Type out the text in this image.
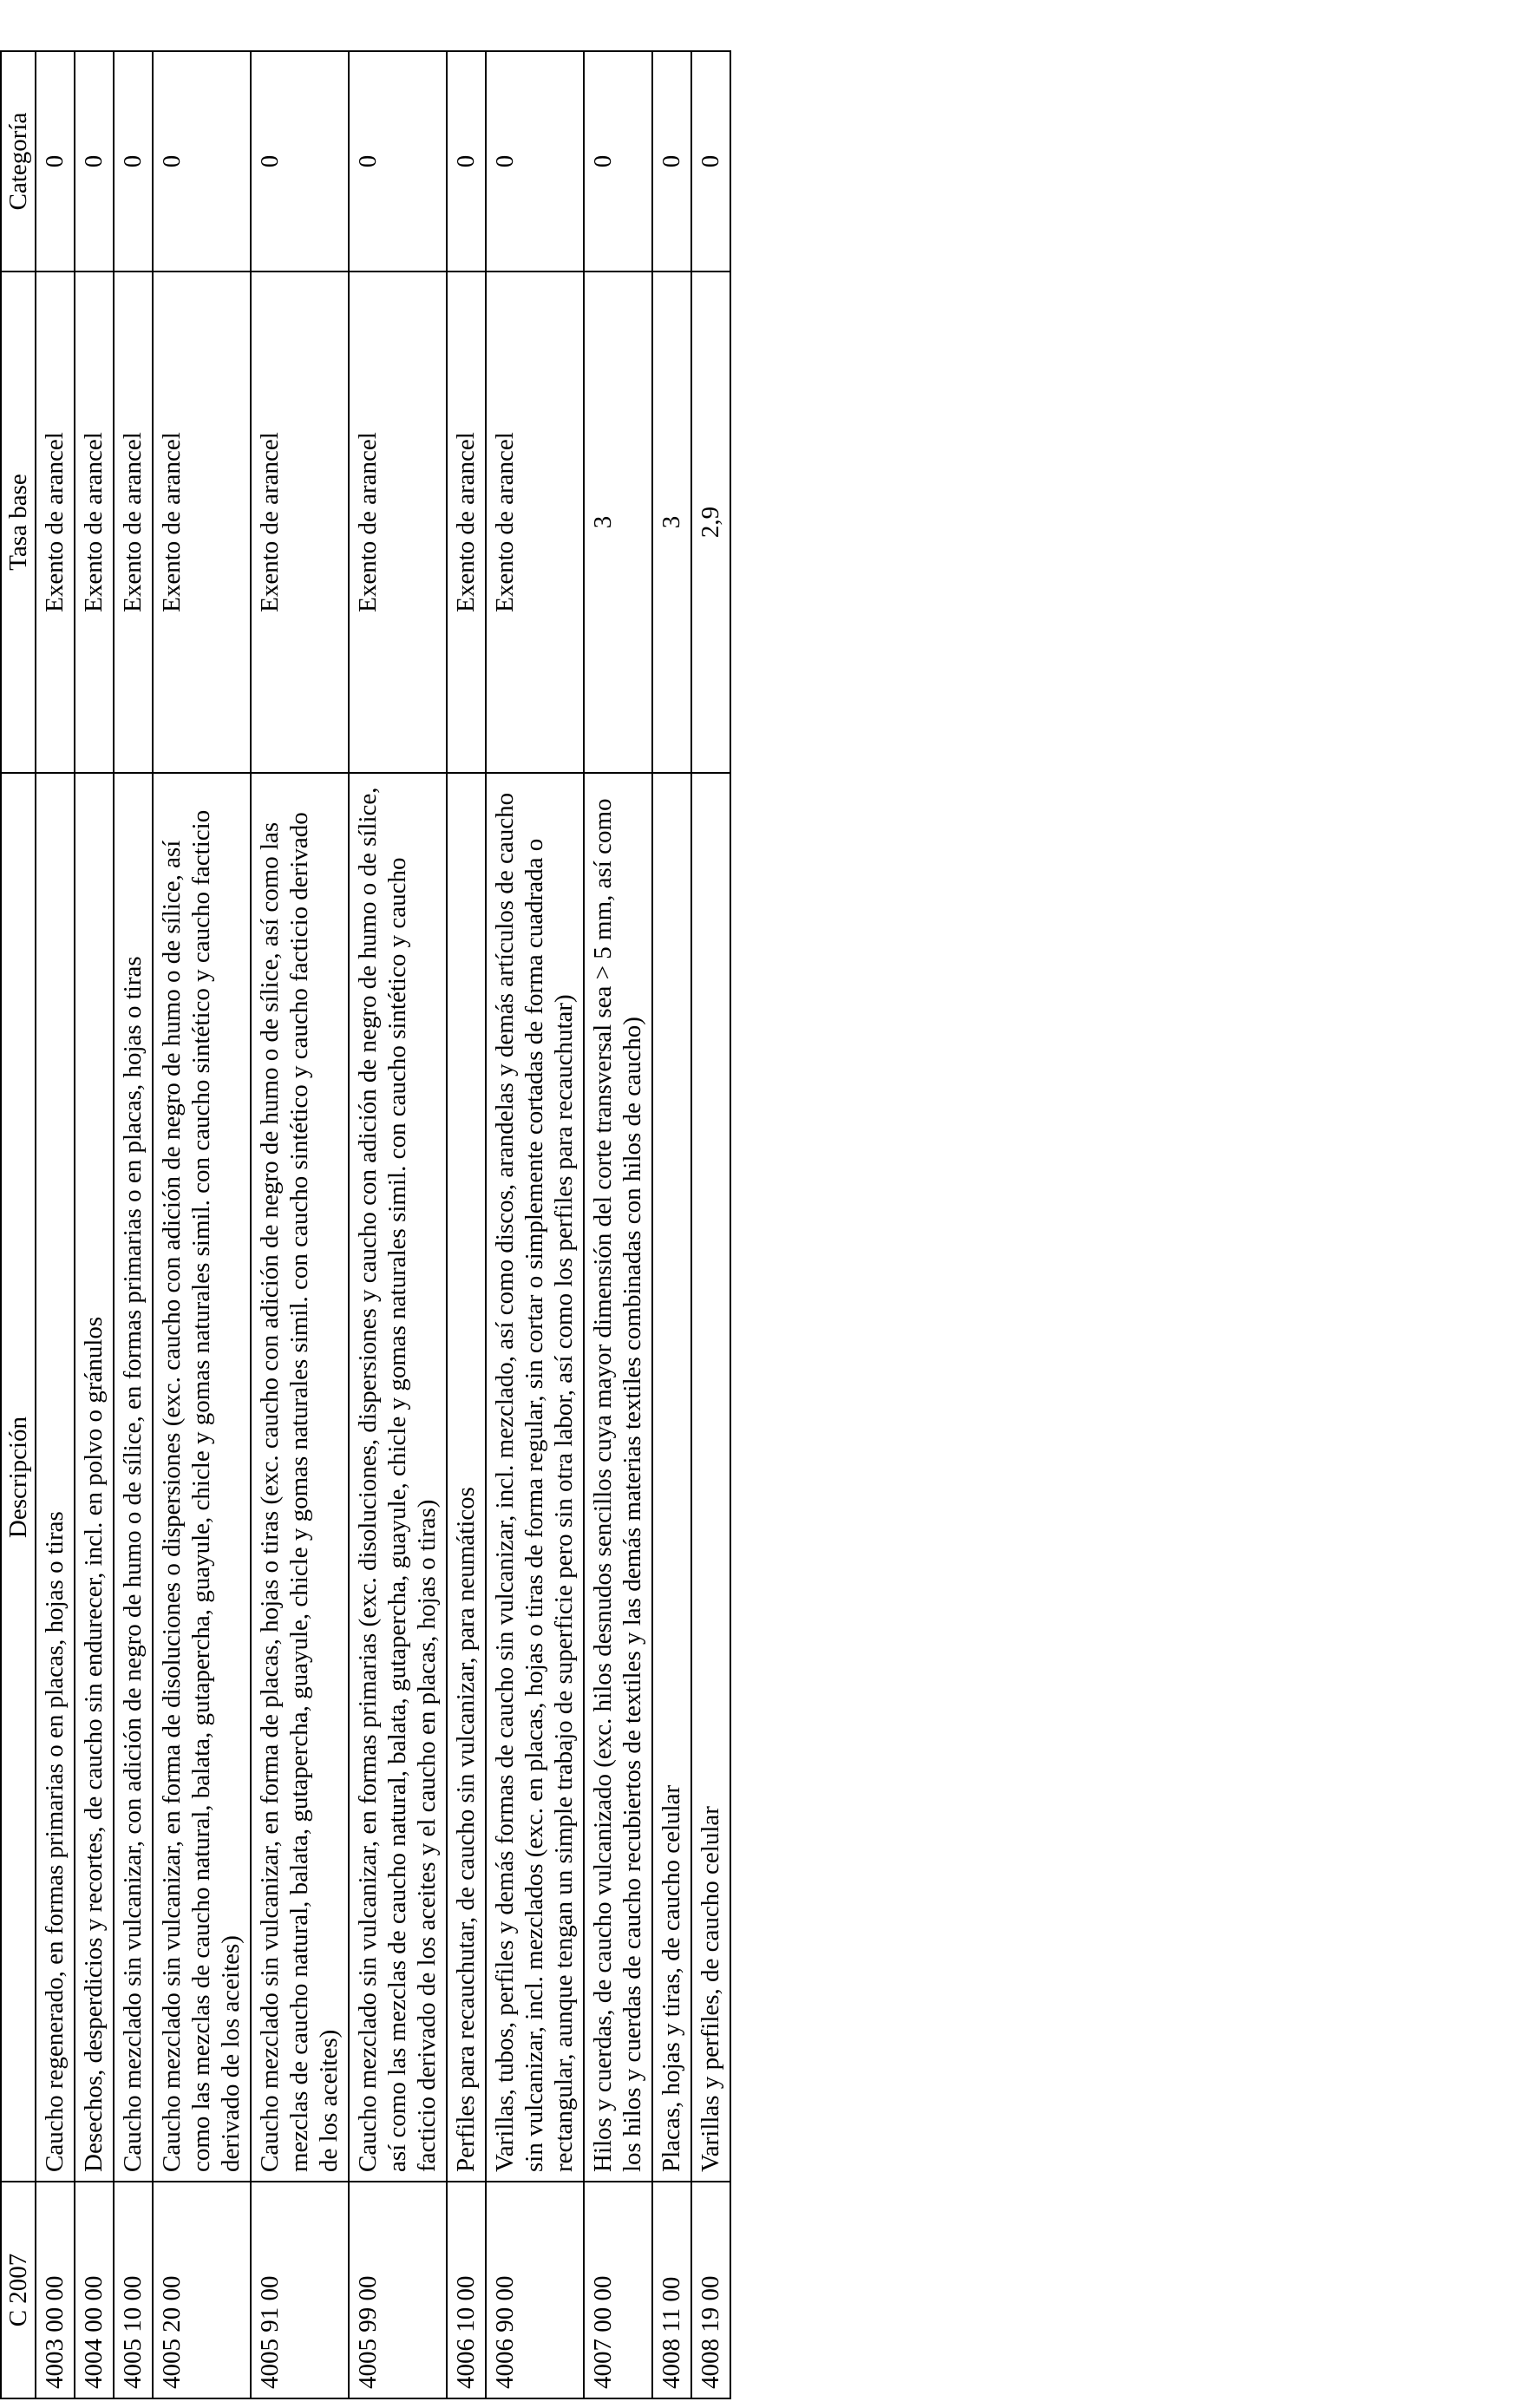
C 2007	Descripción	Tasa base	Categoría
4003 00 00	Caucho regenerado, en formas primarias o en placas, hojas o tiras	Exento de arancel	0
4004 00 00	Desechos, desperdicios y recortes, de caucho sin endurecer, incl. en polvo o gránulos	Exento de arancel	0
4005 10 00	Caucho mezclado sin vulcanizar, con adición de negro de humo o de sílice, en formas primarias o en placas, hojas o tiras	Exento de arancel	0
4005 20 00	Caucho mezclado sin vulcanizar, en forma de disoluciones o dispersiones (exc. caucho con adición de negro de humo o de sílice, así como las mezclas de caucho natural, balata, gutapercha, guayule, chicle y gomas naturales simil. con caucho sintético y caucho facticio derivado de los aceites)	Exento de arancel	0
4005 91 00	Caucho mezclado sin vulcanizar, en forma de placas, hojas o tiras (exc. caucho con adición de negro de humo o de sílice, así como las mezclas de caucho natural, balata, gutapercha, guayule, chicle y gomas naturales simil. con caucho sintético y caucho facticio derivado de los aceites)	Exento de arancel	0
4005 99 00	Caucho mezclado sin vulcanizar, en formas primarias (exc. disoluciones, dispersiones y caucho con adición de negro de humo o de sílice, así como las mezclas de caucho natural, balata, gutapercha, guayule, chicle y gomas naturales simil. con caucho sintético y caucho facticio derivado de los aceites y el caucho en placas, hojas o tiras)	Exento de arancel	0
4006 10 00	Perfiles para recauchutar, de caucho sin vulcanizar, para neumáticos	Exento de arancel	0
4006 90 00	Varillas, tubos, perfiles y demás formas de caucho sin vulcanizar, incl. mezclado, así como discos, arandelas y demás artículos de caucho sin vulcanizar, incl. mezclados (exc. en placas, hojas o tiras de forma regular, sin cortar o simplemente cortadas de forma cuadrada o rectangular, aunque tengan un simple trabajo de superficie pero sin otra labor, así como los perfiles para recauchutar)	Exento de arancel	0
4007 00 00	Hilos y cuerdas, de caucho vulcanizado (exc. hilos desnudos sencillos cuya mayor dimensión del corte transversal sea > 5 mm, así como los hilos y cuerdas de caucho recubiertos de textiles y las demás materias textiles combinadas con hilos de caucho)	3	0
4008 11 00	Placas, hojas y tiras, de caucho celular	3	0
4008 19 00	Varillas y perfiles, de caucho celular	2,9	0
